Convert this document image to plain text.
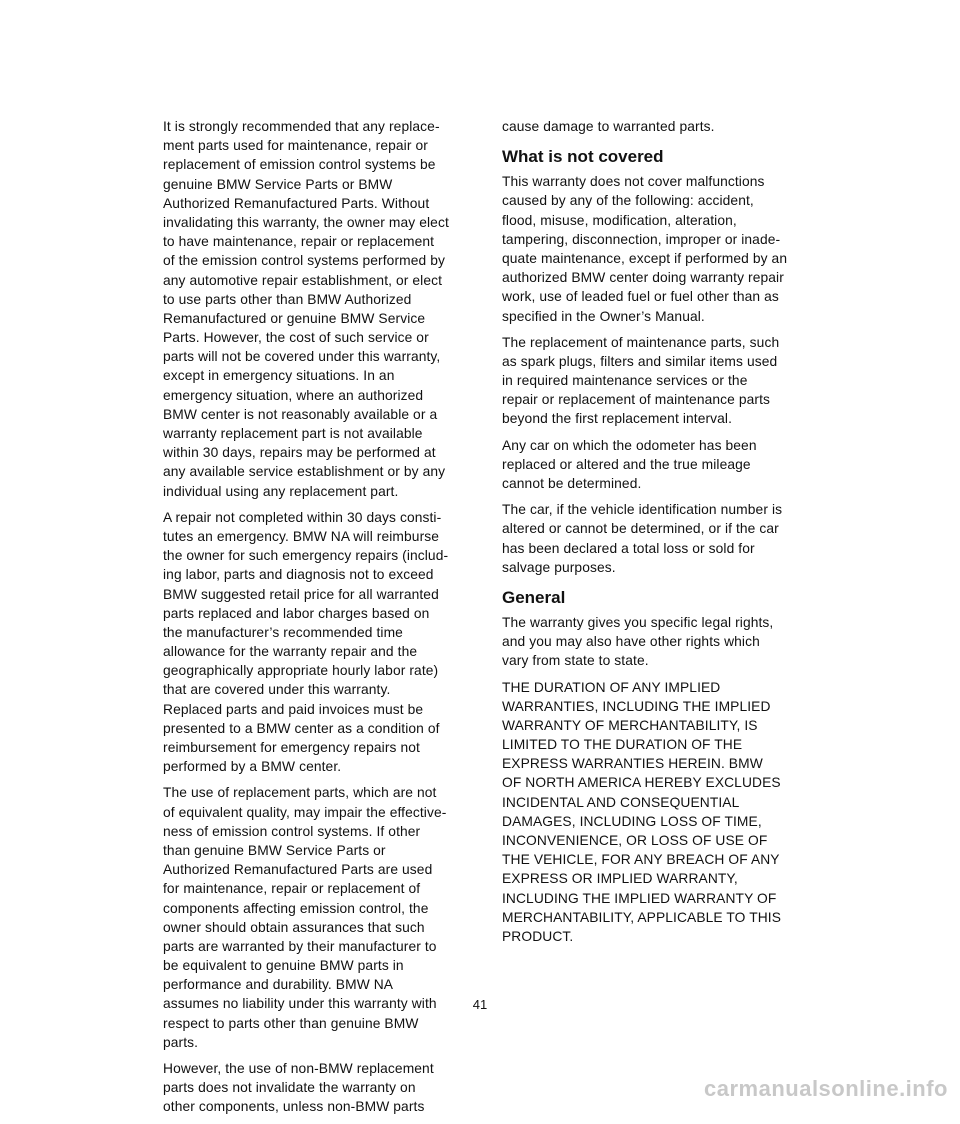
It is strongly recommended that any replace-
ment parts used for maintenance, repair or
replacement of emission control systems be
genuine BMW Service Parts or BMW
Authorized Remanufactured Parts. Without
invalidating this warranty, the owner may elect
to have maintenance, repair or replacement
of the emission control systems performed by
any automotive repair establishment, or elect
to use parts other than BMW Authorized
Remanufactured or genuine BMW Service
Parts. However, the cost of such service or
parts will not be covered under this warranty,
except in emergency situations. In an
emergency situation, where an authorized
BMW center is not reasonably available or a
warranty replacement part is not available
within 30 days, repairs may be performed at
any available service establishment or by any
individual using any replacement part.
A repair not completed within 30 days consti-
tutes an emergency. BMW NA will reimburse
the owner for such emergency repairs (includ-
ing labor, parts and diagnosis not to exceed
BMW suggested retail price for all warranted
parts replaced and labor charges based on
the manufacturer’s recommended time
allowance for the warranty repair and the
geographically appropriate hourly labor rate)
that are covered under this warranty.
Replaced parts and paid invoices must be
presented to a BMW center as a condition of
reimbursement for emergency repairs not
performed by a BMW center.
The use of replacement parts, which are not
of equivalent quality, may impair the effective-
ness of emission control systems. If other
than genuine BMW Service Parts or
Authorized Remanufactured Parts are used
for maintenance, repair or replacement of
components affecting emission control, the
owner should obtain assurances that such
parts are warranted by their manufacturer to
be equivalent to genuine BMW parts in
performance and durability. BMW NA
assumes no liability under this warranty with
respect to parts other than genuine BMW
parts.
However, the use of non-BMW replacement
parts does not invalidate the warranty on
other components, unless non-BMW parts
cause damage to warranted parts.
What is not covered
This warranty does not cover malfunctions
caused by any of the following: accident,
flood, misuse, modification, alteration,
tampering, disconnection, improper or inade-
quate maintenance, except if performed by an
authorized BMW center doing warranty repair
work, use of leaded fuel or fuel other than as
specified in the Owner’s Manual.
The replacement of maintenance parts, such
as spark plugs, filters and similar items used
in required maintenance services or the
repair or replacement of maintenance parts
beyond the first replacement interval.
Any car on which the odometer has been
replaced or altered and the true mileage
cannot be determined.
The car, if the vehicle identification number is
altered or cannot be determined, or if the car
has been declared a total loss or sold for
salvage purposes.
General
The warranty gives you specific legal rights,
and you may also have other rights which
vary from state to state.
THE DURATION OF ANY IMPLIED
WARRANTIES, INCLUDING THE IMPLIED
WARRANTY OF MERCHANTABILITY, IS
LIMITED TO THE DURATION OF THE
EXPRESS WARRANTIES HEREIN. BMW
OF NORTH AMERICA HEREBY EXCLUDES
INCIDENTAL AND CONSEQUENTIAL
DAMAGES, INCLUDING LOSS OF TIME,
INCONVENIENCE, OR LOSS OF USE OF
THE VEHICLE, FOR ANY BREACH OF ANY
EXPRESS OR IMPLIED WARRANTY,
INCLUDING THE IMPLIED WARRANTY OF
MERCHANTABILITY, APPLICABLE TO THIS
PRODUCT.
41
carmanualsonline.info
